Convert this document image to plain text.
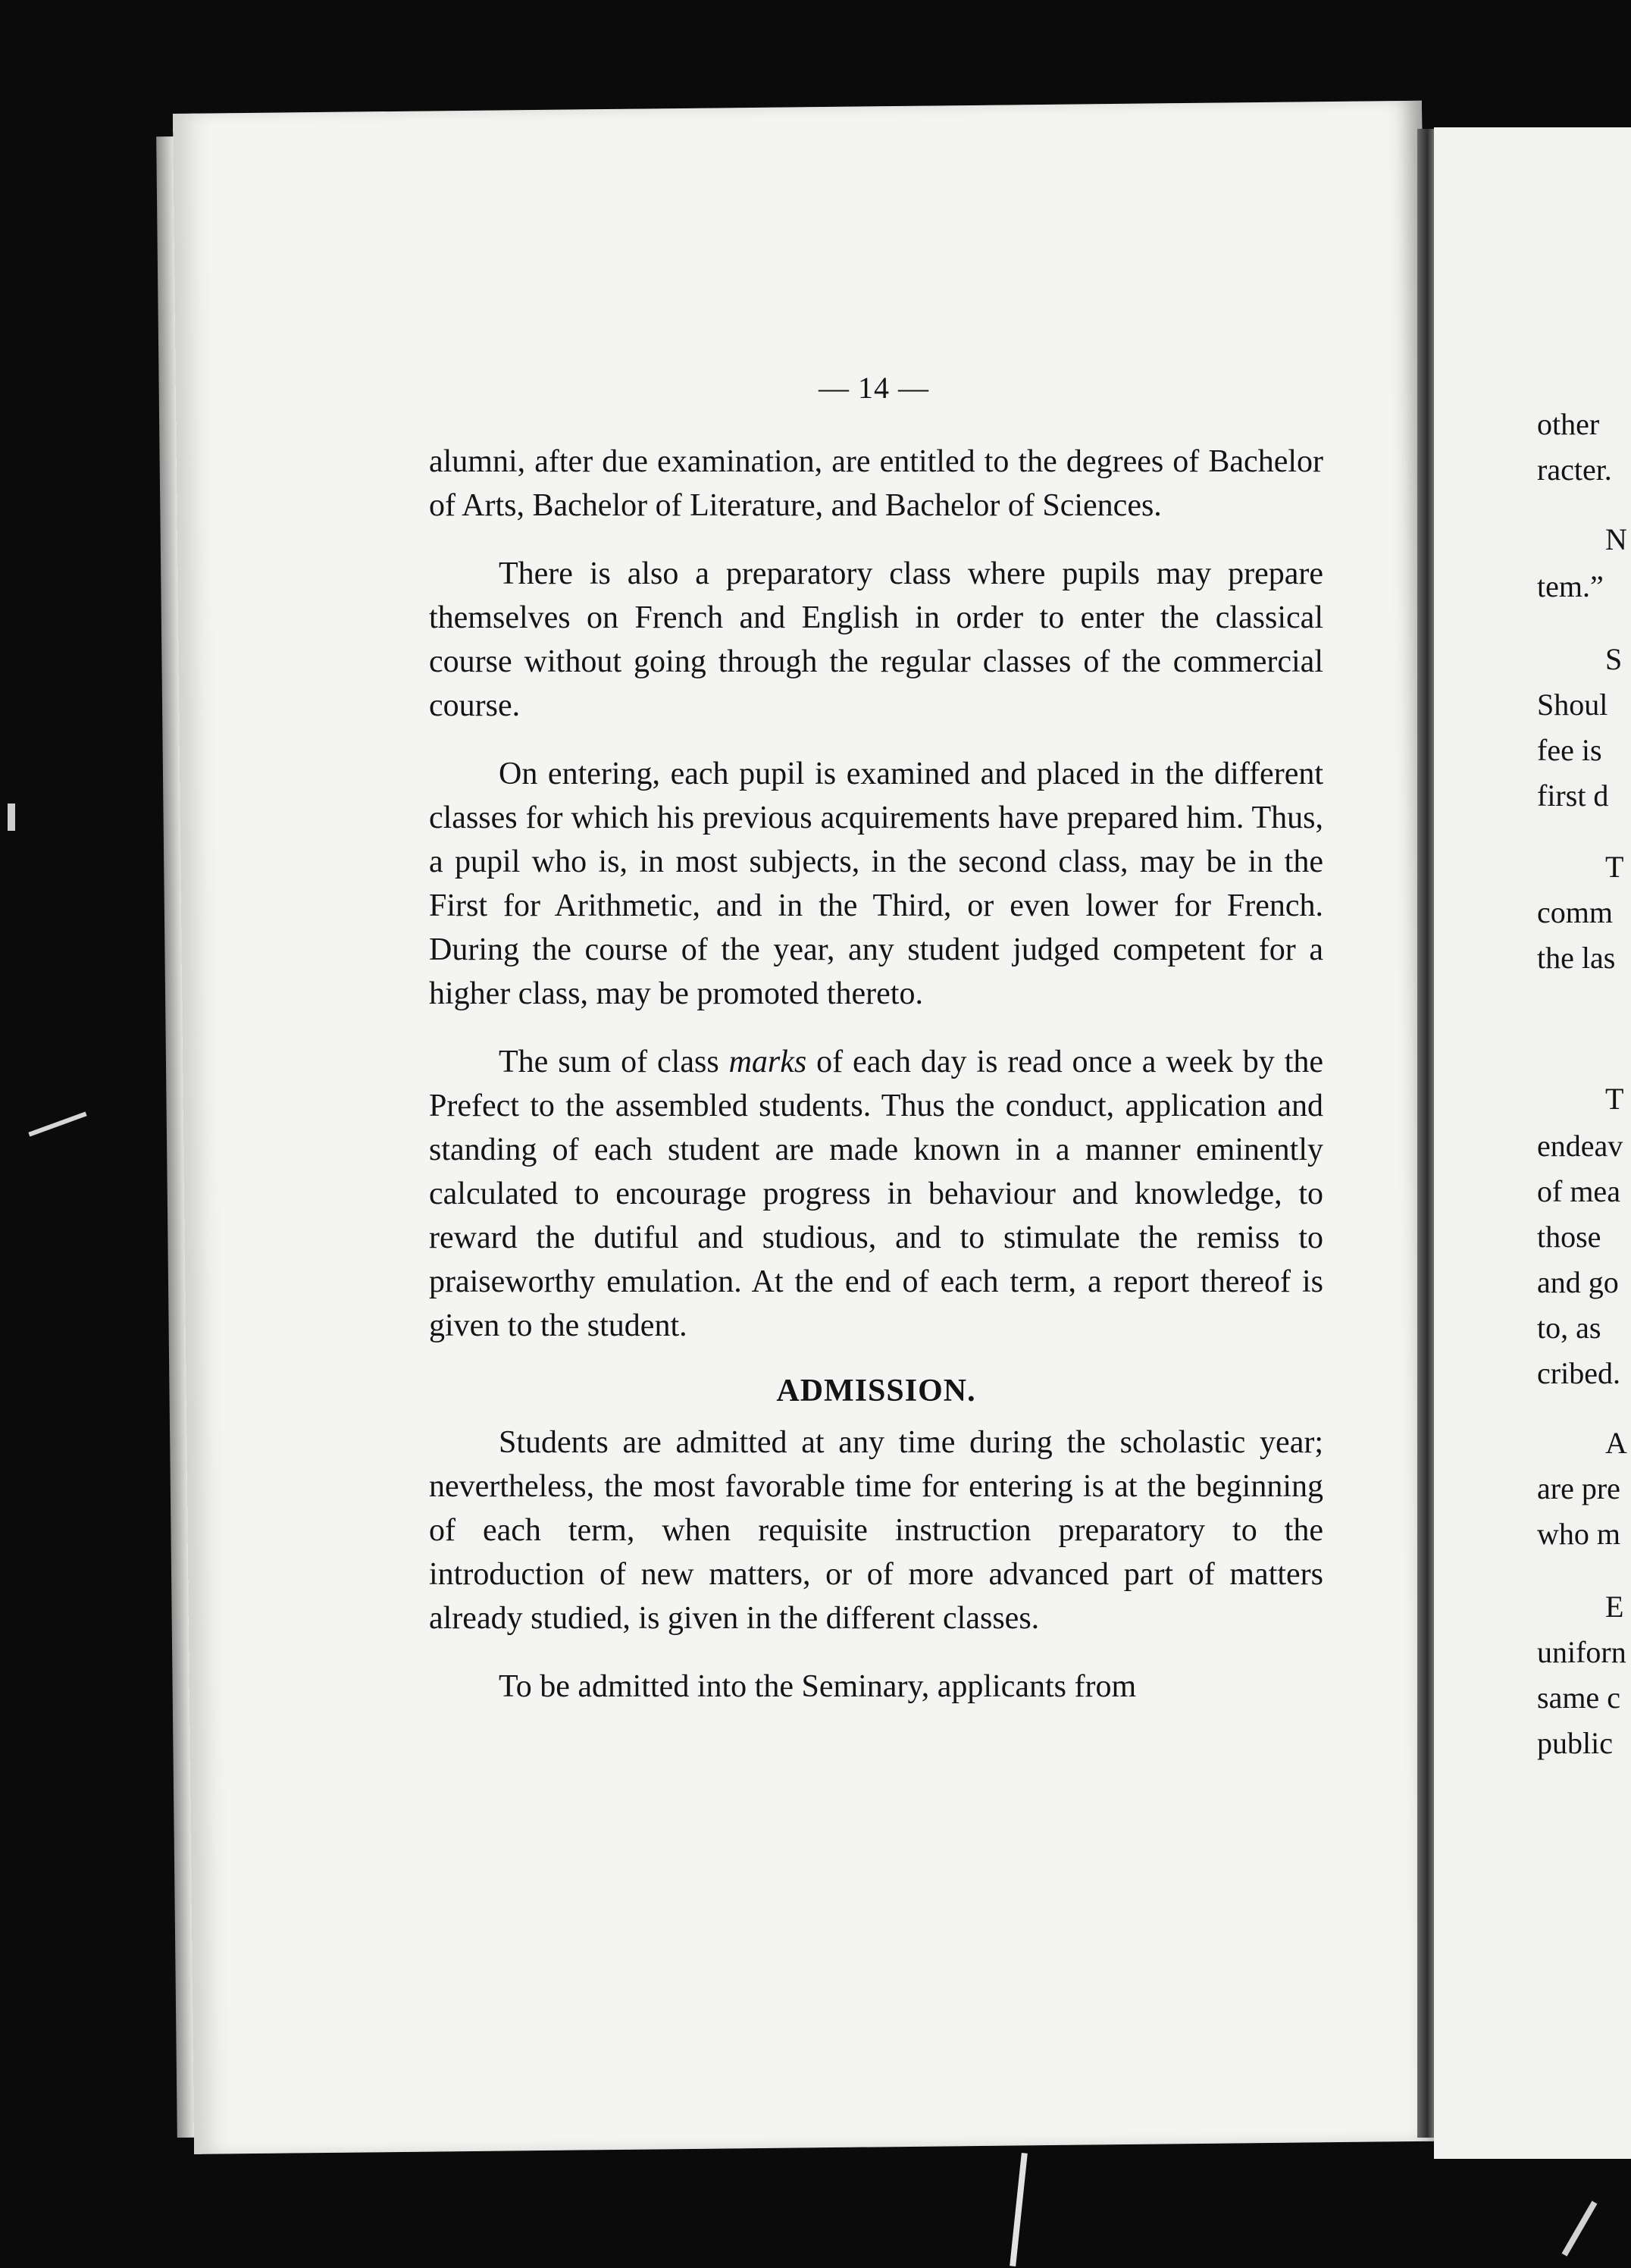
— 14 —

alumni, after due examination, are entitled to the degrees of Bachelor of Arts, Bachelor of Literature, and Bachelor of Sciences.

There is also a preparatory class where pupils may prepare themselves on French and English in order to enter the classical course without going through the regular classes of the commercial course.

On entering, each pupil is examined and placed in the different classes for which his previous acquirements have prepared him. Thus, a pupil who is, in most subjects, in the second class, may be in the First for Arithmetic, and in the Third, or even lower for French. During the course of the year, any student judged competent for a higher class, may be promoted thereto.

The sum of class marks of each day is read once a week by the Prefect to the assembled students. Thus the conduct, application and standing of each student are made known in a manner eminently calculated to encourage progress in behaviour and knowledge, to reward the dutiful and studious, and to stimulate the remiss to praiseworthy emulation. At the end of each term, a report thereof is given to the student.

ADMISSION.

Students are admitted at any time during the scholastic year; nevertheless, the most favorable time for entering is at the beginning of each term, when requisite instruction preparatory to the introduction of new matters, or of more advanced part of matters already studied, is given in the different classes.

To be admitted into the Seminary, applicants from

other
racter.
N
tem.”
S
Shoul
fee is
first d
T
comm
the las
T
endeav
of mea
those
and go
to, as
cribed.
A
are pre
who m
E
uniforn
same c
public
